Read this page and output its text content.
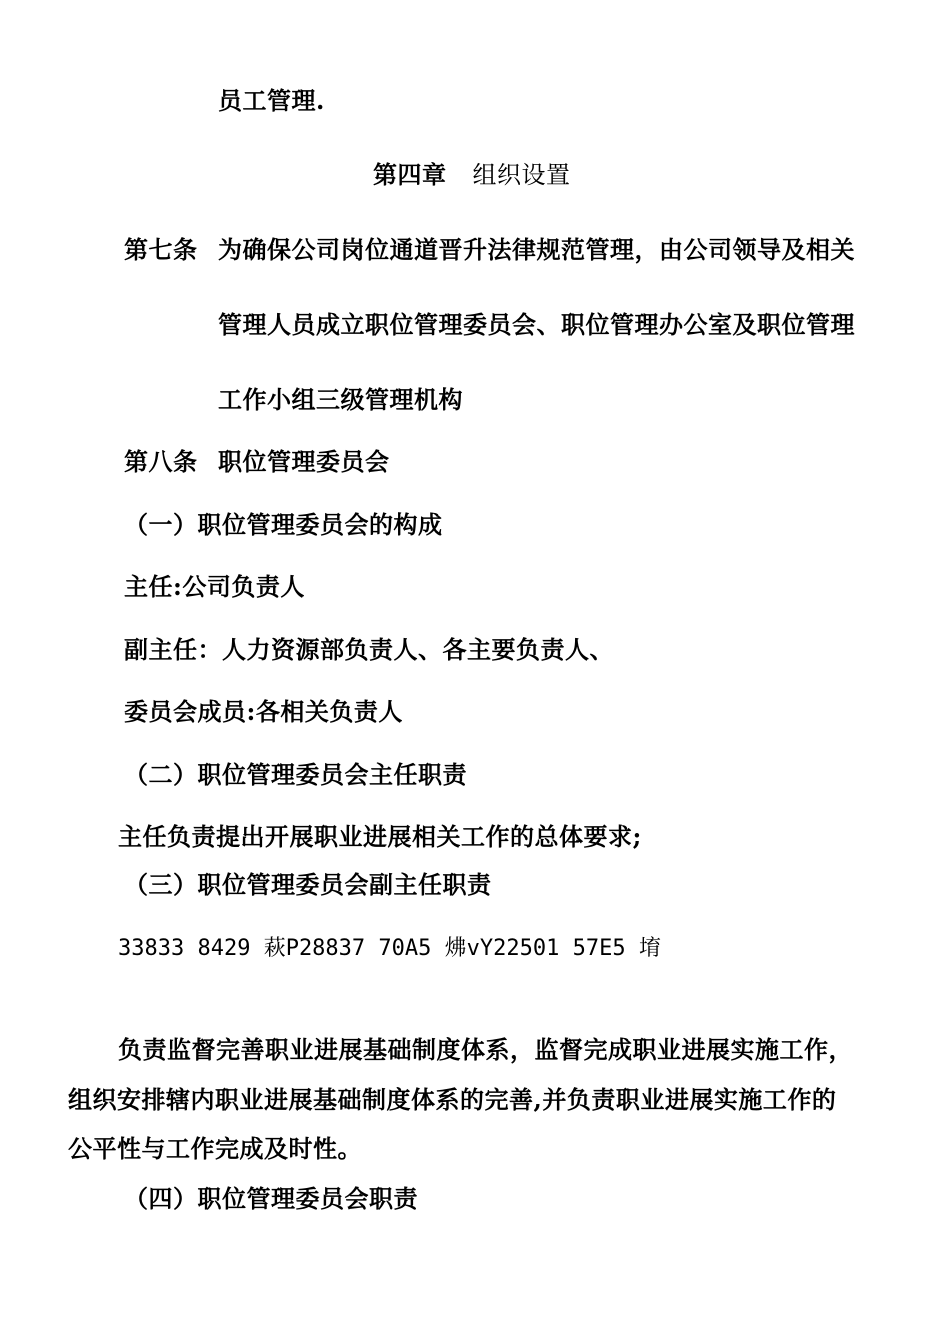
员工管理.
第四章 组织设置
第七条 为确保公司岗位通道晋升法律规范管理，由公司领导及相关
管理人员成立职位管理委员会、职位管理办公室及职位管理
工作小组三级管理机构
第八条 职位管理委员会
（一）职位管理委员会的构成
主任:公司负责人
副主任：人力资源部负责人、各主要负责人、
委员会成员:各相关负责人
（二）职位管理委员会主任职责
主任负责提出开展职业进展相关工作的总体要求;
（三）职位管理委员会副主任职责
33833 8429 萩P28837 70A5 炥vY22501 57E5 堉
负责监督完善职业进展基础制度体系，监督完成职业进展实施工作，
组织安排辖内职业进展基础制度体系的完善,并负责职业进展实施工作的
公平性与工作完成及时性。
（四）职位管理委员会职责
